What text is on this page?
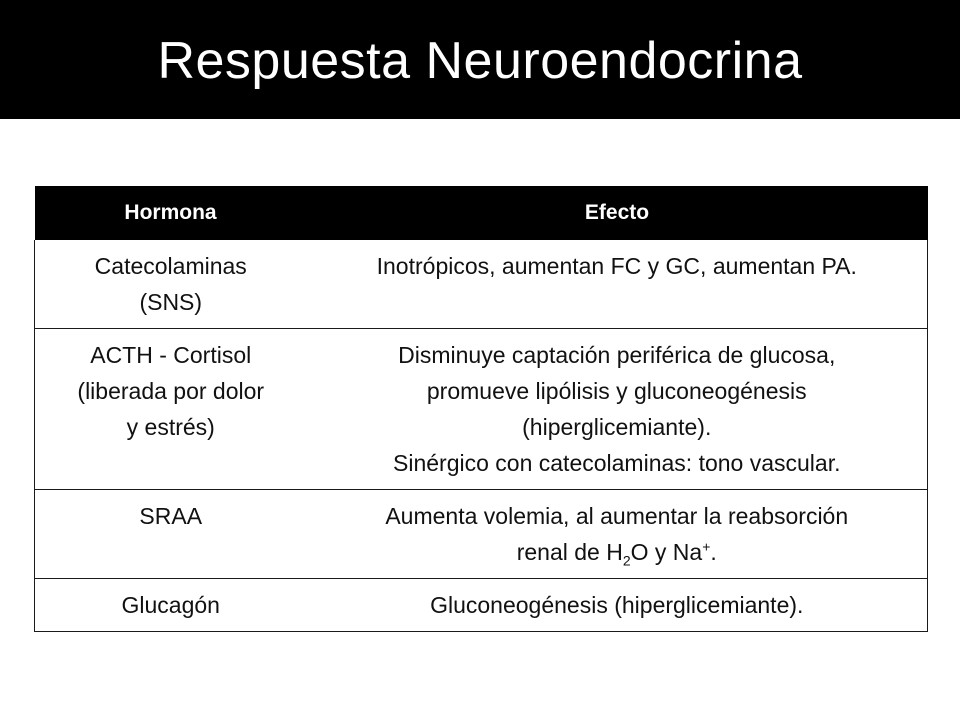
Respuesta Neuroendocrina
Hormona	Efecto

Catecolaminas
(SNS)	Inotrópicos, aumentan FC y GC, aumentan PA.

ACTH - Cortisol
(liberada por dolor
y estrés)	Disminuye captación periférica de glucosa,
promueve lipólisis y gluconeogénesis
(hiperglicemiante).
Sinérgico con catecolaminas: tono vascular.

SRAA	Aumenta volemia, al aumentar la reabsorción
renal de $H_2O$ y Na+.

Glucagón	Gluconeogénesis (hiperglicemiante).
